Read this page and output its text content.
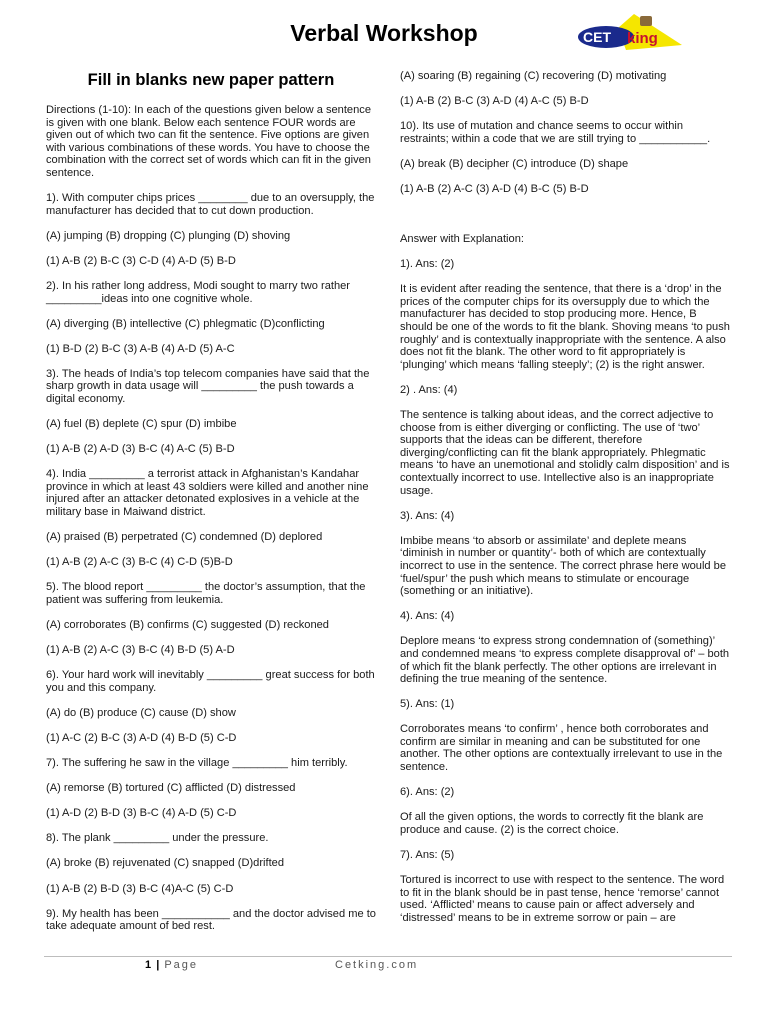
Verbal Workshop	CET king
Fill in blanks new paper pattern
Directions (1-10): In each of the questions given below a sentence is given with one blank. Below each sentence FOUR words are given out of which two can fit the sentence. Five options are given with various combinations of these words. You have to choose the combination with the correct set of words which can fit in the given sentence.
1). With computer chips prices ________ due to an oversupply, the manufacturer has decided that to cut down production.
(A) jumping (B) dropping (C) plunging (D) shoving
(1) A-B (2) B-C (3) C-D (4) A-D (5) B-D
2). In his rather long address, Modi sought to marry two rather _________ideas into one cognitive whole.
(A) diverging (B) intellective (C) phlegmatic (D)conflicting
(1) B-D (2) B-C (3) A-B (4) A-D (5) A-C
3). The heads of India’s top telecom companies have said that the sharp growth in data usage will _________ the push towards a digital economy.
(A) fuel (B) deplete (C) spur (D) imbibe
(1) A-B (2) A-D (3) B-C (4) A-C (5) B-D
4). India _________ a terrorist attack in Afghanistan’s Kandahar province in which at least 43 soldiers were killed and another nine injured after an attacker detonated explosives in a vehicle at the military base in Maiwand district.
(A) praised (B) perpetrated (C) condemned (D) deplored
(1) A-B (2) A-C (3) B-C (4) C-D (5)B-D
5). The blood report _________ the doctor’s assumption, that the patient was suffering from leukemia.
(A) corroborates (B) confirms (C) suggested (D) reckoned
(1) A-B (2) A-C (3) B-C (4) B-D (5) A-D
6). Your hard work will inevitably _________ great success for both you and this company.
(A) do (B) produce (C) cause (D) show
(1) A-C (2) B-C (3) A-D (4) B-D (5) C-D
7). The suffering he saw in the village _________ him terribly.
(A) remorse (B) tortured (C) afflicted (D) distressed
(1) A-D (2) B-D (3) B-C (4) A-D (5) C-D
8). The plank _________ under the pressure.
(A) broke (B) rejuvenated (C) snapped (D)drifted
(1) A-B (2) B-D (3) B-C (4)A-C (5) C-D
9). My health has been ___________ and the doctor advised me to take adequate amount of bed rest.
(A) soaring (B) regaining (C) recovering (D) motivating
(1) A-B (2) B-C (3) A-D (4) A-C (5) B-D
10). Its use of mutation and chance seems to occur within restraints; within a code that we are still trying to ___________.
(A) break (B) decipher (C) introduce (D) shape
(1) A-B (2) A-C (3) A-D (4) B-C (5) B-D
Answer with Explanation:
1). Ans: (2)
It is evident after reading the sentence, that there is a ‘drop’ in the prices of the computer chips for its oversupply due to which the manufacturer has decided to stop producing more. Hence, B should be one of the words to fit the blank. Shoving means ‘to push roughly’ and is contextually inappropriate with the sentence. A also does not fit the blank. The other word to fit appropriately is ‘plunging’ which means ‘falling steeply’; (2) is the right answer.
2) . Ans: (4)
The sentence is talking about ideas, and the correct adjective to choose from is either diverging or conflicting. The use of ‘two’ supports that the ideas can be different, therefore diverging/conflicting can fit the blank appropriately. Phlegmatic means ‘to have an unemotional and stolidly calm disposition’ and is contextually incorrect to use. Intellective also is an inappropriate usage.
3). Ans: (4)
Imbibe means ‘to absorb or assimilate’ and deplete means ‘diminish in number or quantity’- both of which are contextually incorrect to use in the sentence. The correct phrase here would be ‘fuel/spur’ the push which means to stimulate or encourage (something or an initiative).
4). Ans: (4)
Deplore means ‘to express strong condemnation of (something)’ and condemned means ‘to express complete disapproval of’ – both of which fit the blank perfectly. The other options are irrelevant in defining the true meaning of the sentence.
5). Ans: (1)
Corroborates means ‘to confirm’ , hence both corroborates and confirm are similar in meaning and can be substituted for one another. The other options are contextually irrelevant to use in the sentence.
6). Ans: (2)
Of all the given options, the words to correctly fit the blank are produce and cause. (2) is the correct choice.
7). Ans: (5)
Tortured is incorrect to use with respect to the sentence. The word to fit in the blank should be in past tense, hence ‘remorse’ cannot used. ‘Afflicted’ means to cause pain or affect adversely and ‘distressed’ means to be in extreme sorrow or pain – are
1 | Page	Cetking.com
